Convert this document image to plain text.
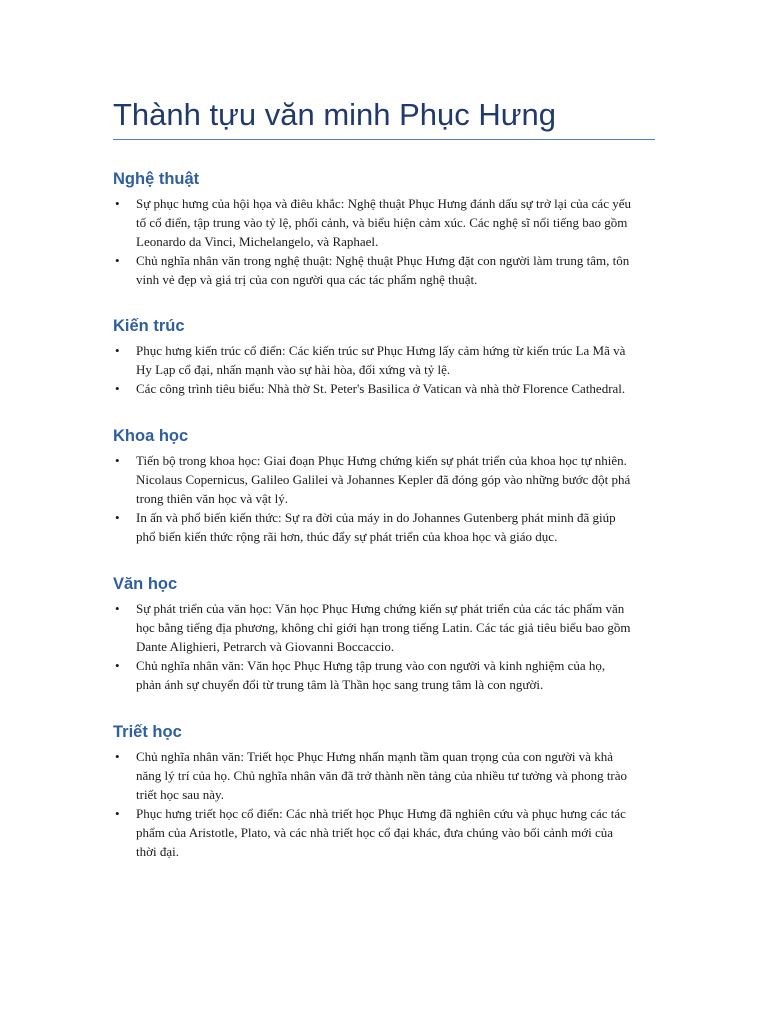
Thành tựu văn minh Phục Hưng
Nghệ thuật
• Sự phục hưng của hội họa và điêu khắc: Nghệ thuật Phục Hưng đánh dấu sự trở lại của các yếu tố cổ điển, tập trung vào tỷ lệ, phối cảnh, và biểu hiện cảm xúc. Các nghệ sĩ nổi tiếng bao gồm Leonardo da Vinci, Michelangelo, và Raphael.
• Chủ nghĩa nhân văn trong nghệ thuật: Nghệ thuật Phục Hưng đặt con người làm trung tâm, tôn vinh vẻ đẹp và giá trị của con người qua các tác phẩm nghệ thuật.
Kiến trúc
• Phục hưng kiến trúc cổ điển: Các kiến trúc sư Phục Hưng lấy cảm hứng từ kiến trúc La Mã và Hy Lạp cổ đại, nhấn mạnh vào sự hài hòa, đối xứng và tỷ lệ.
• Các công trình tiêu biểu: Nhà thờ St. Peter's Basilica ở Vatican và nhà thờ Florence Cathedral.
Khoa học
• Tiến bộ trong khoa học: Giai đoạn Phục Hưng chứng kiến sự phát triển của khoa học tự nhiên. Nicolaus Copernicus, Galileo Galilei và Johannes Kepler đã đóng góp vào những bước đột phá trong thiên văn học và vật lý.
• In ấn và phổ biến kiến thức: Sự ra đời của máy in do Johannes Gutenberg phát minh đã giúp phổ biến kiến thức rộng rãi hơn, thúc đẩy sự phát triển của khoa học và giáo dục.
Văn học
• Sự phát triển của văn học: Văn học Phục Hưng chứng kiến sự phát triển của các tác phẩm văn học bằng tiếng địa phương, không chỉ giới hạn trong tiếng Latin. Các tác giả tiêu biểu bao gồm Dante Alighieri, Petrarch và Giovanni Boccaccio.
• Chủ nghĩa nhân văn: Văn học Phục Hưng tập trung vào con người và kinh nghiệm của họ, phản ánh sự chuyển đổi từ trung tâm là Thần học sang trung tâm là con người.
Triết học
• Chủ nghĩa nhân văn: Triết học Phục Hưng nhấn mạnh tầm quan trọng của con người và khả năng lý trí của họ. Chủ nghĩa nhân văn đã trở thành nền tảng của nhiều tư tưởng và phong trào triết học sau này.
• Phục hưng triết học cổ điển: Các nhà triết học Phục Hưng đã nghiên cứu và phục hưng các tác phẩm của Aristotle, Plato, và các nhà triết học cổ đại khác, đưa chúng vào bối cảnh mới của thời đại.
